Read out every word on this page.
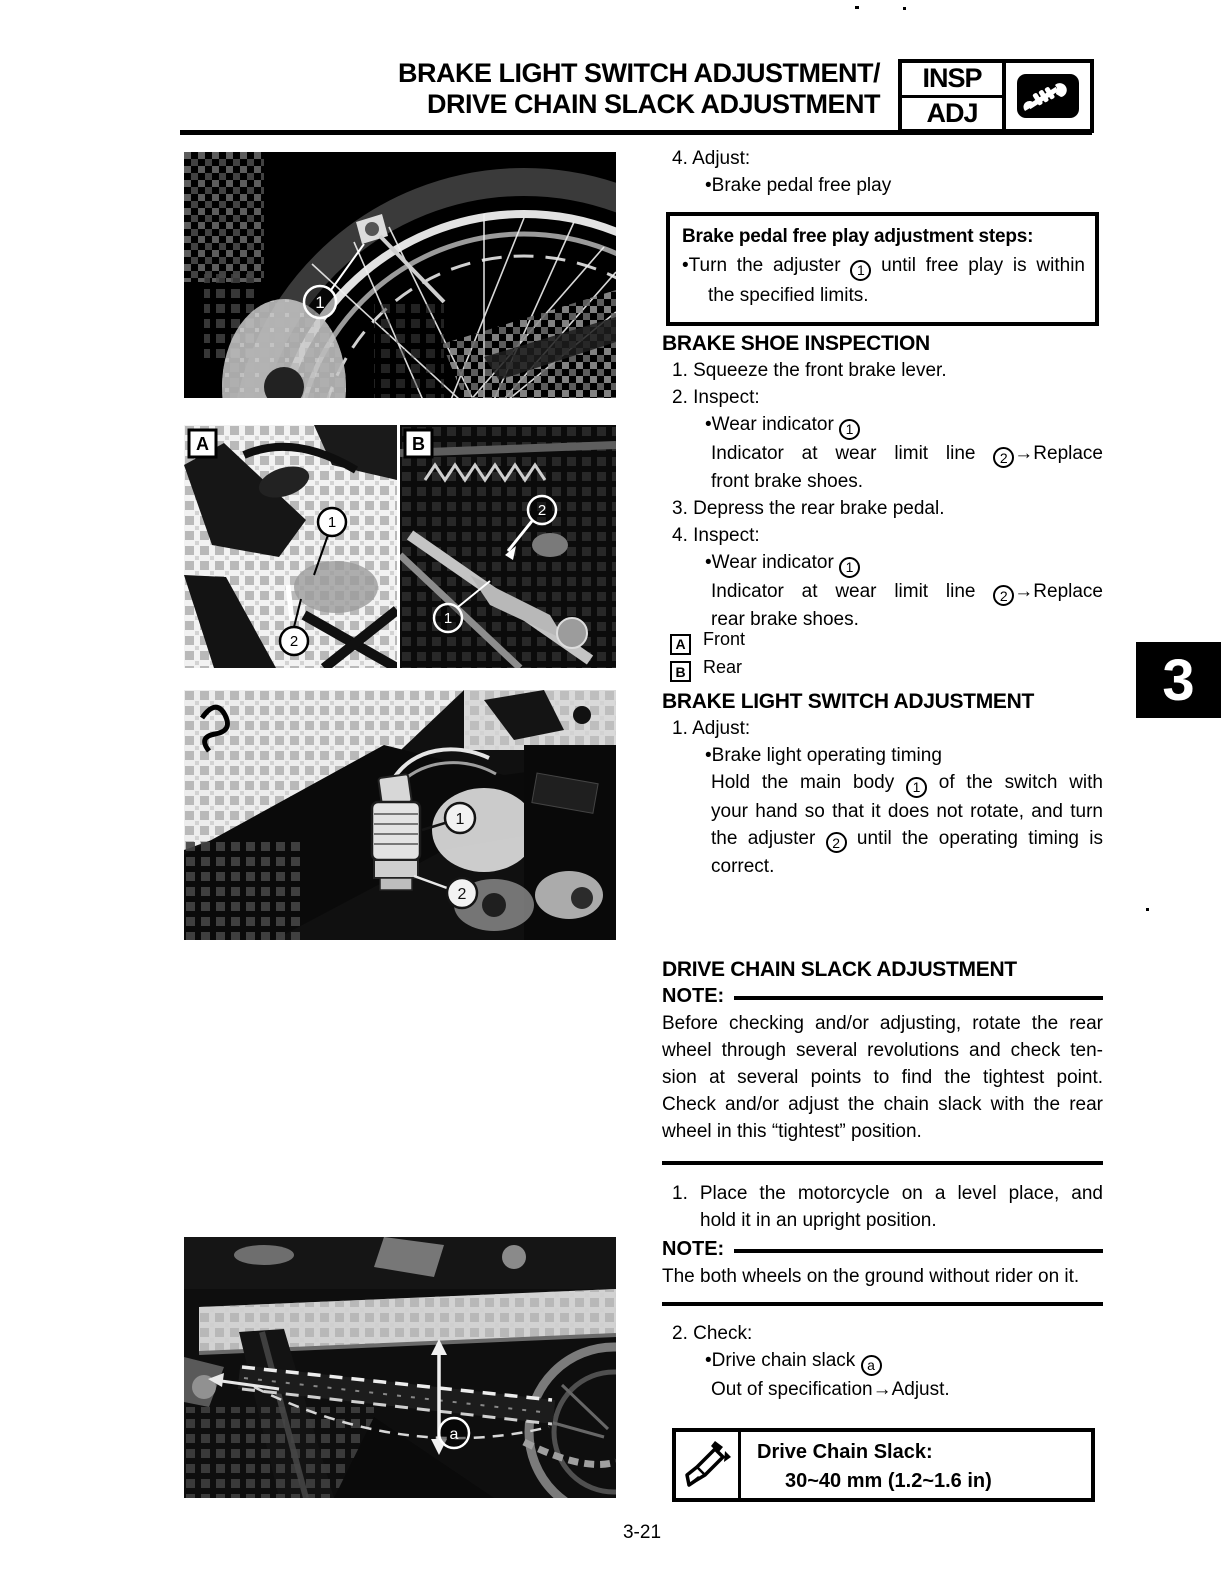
BRAKE LIGHT SWITCH ADJUSTMENT/
DRIVE CHAIN SLACK ADJUSTMENT
INSP
ADJ
1
A
1
2
B
2
1
1
2
a
4. Adjust:
•Brake pedal free play
Brake pedal free play adjustment steps:
•Turn the adjuster 1 until free play is within
the specified limits.
BRAKE SHOE INSPECTION
1. Squeeze the front brake lever.
2. Inspect:
•Wear indicator 1
Indicator at wear limit line 2 →Replace
front brake shoes.
3. Depress the rear brake pedal.
4. Inspect:
•Wear indicator 1
Indicator at wear limit line 2 →Replace
rear brake shoes.
A Front
B Rear
BRAKE LIGHT SWITCH ADJUSTMENT
1. Adjust:
•Brake light operating timing
Hold the main body 1 of the switch with
your hand so that it does not rotate, and turn
the adjuster 2 until the operating timing is
correct.
DRIVE CHAIN SLACK ADJUSTMENT
NOTE:
Before checking and/or adjusting, rotate the rear
wheel through several revolutions and check ten-
sion at several points to find the tightest point.
Check and/or adjust the chain slack with the rear
wheel in this “tightest” position.
1. Place the motorcycle on a level place, and
hold it in an upright position.
NOTE:
The both wheels on the ground without rider on it.
2. Check:
•Drive chain slack a
Out of specification→Adjust.
Drive Chain Slack:
30~40 mm (1.2~1.6 in)
3
3-21
